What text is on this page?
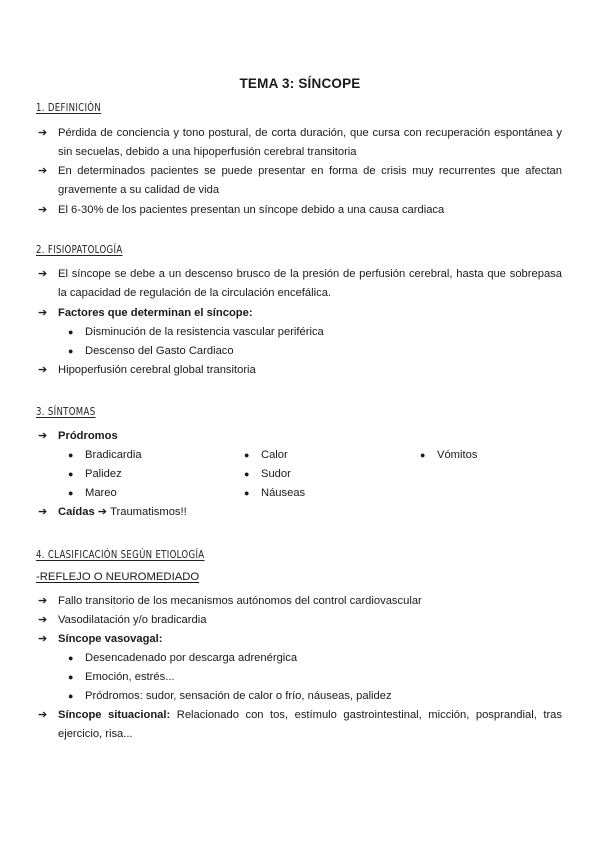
TEMA 3: SÍNCOPE
1. DEFINICIÓN
➔ Pérdida de conciencia y tono postural, de corta duración, que cursa con recuperación espontánea y sin secuelas, debido a una hipoperfusión cerebral transitoria
➔ En determinados pacientes se puede presentar en forma de crisis muy recurrentes que afectan gravemente a su calidad de vida
➔ El 6-30% de los pacientes presentan un síncope debido a una causa cardiaca
2. FISIOPATOLOGÍA
➔ El síncope se debe a un descenso brusco de la presión de perfusión cerebral, hasta que sobrepasa la capacidad de regulación de la circulación encefálica.
➔ Factores que determinan el síncope:
● Disminución de la resistencia vascular periférica
● Descenso del Gasto Cardiaco
➔ Hipoperfusión cerebral global transitoria
3. SÍNTOMAS
➔ Pródromos
● Bradicardia
● Palidez
● Mareo
● Calor
● Sudor
● Náuseas
● Vómitos
➔ Caídas ➔ Traumatismos!!
4. CLASIFICACIÓN SEGÚN ETIOLOGÍA
-REFLEJO O NEUROMEDIADO
➔ Fallo transitorio de los mecanismos autónomos del control cardiovascular
➔ Vasodilatación y/o bradicardia
➔ Síncope vasovagal:
● Desencadenado por descarga adrenérgica
● Emoción, estrés...
● Pródromos: sudor, sensación de calor o frío, náuseas, palidez
➔ Síncope situacional: Relacionado con tos, estímulo gastrointestinal, micción, posprandial, tras ejercicio, risa...
